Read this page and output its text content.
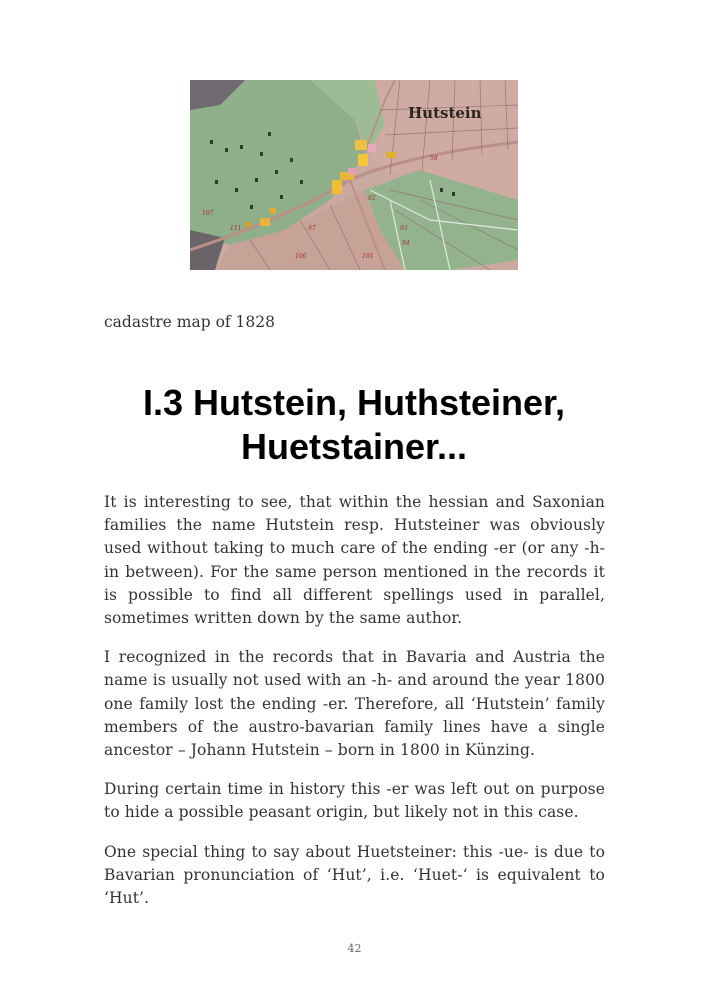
97
107
106	101
93
92
94
111
58
Hutstein

cadastre map of 1828

I.3 Hutstein, Huthsteiner,
Huetstainer...

It is interesting to see, that within the hessian and Saxonian families the name Hutstein resp. Hutsteiner was obviously used without taking to much care of the ending -er (or any -h- in between). For the same person mentioned in the records it is possible to find all different spellings used in parallel, sometimes written down by the same author.

I recognized in the records that in Bavaria and Austria the name is usually not used with an -h- and around the year 1800 one family lost the ending -er. Therefore, all ‘Hutstein’ family members of the austro-bavarian family lines have a single ancestor – Johann Hutstein – born in 1800 in Künzing.

During certain time in history this -er was left out on purpose to hide a possible peasant origin, but likely not in this case.

One special thing to say about Huetsteiner: this -ue- is due to Bavarian pronunciation of ‘Hut’, i.e. ‘Huet-‘ is equivalent to ‘Hut’.

42
